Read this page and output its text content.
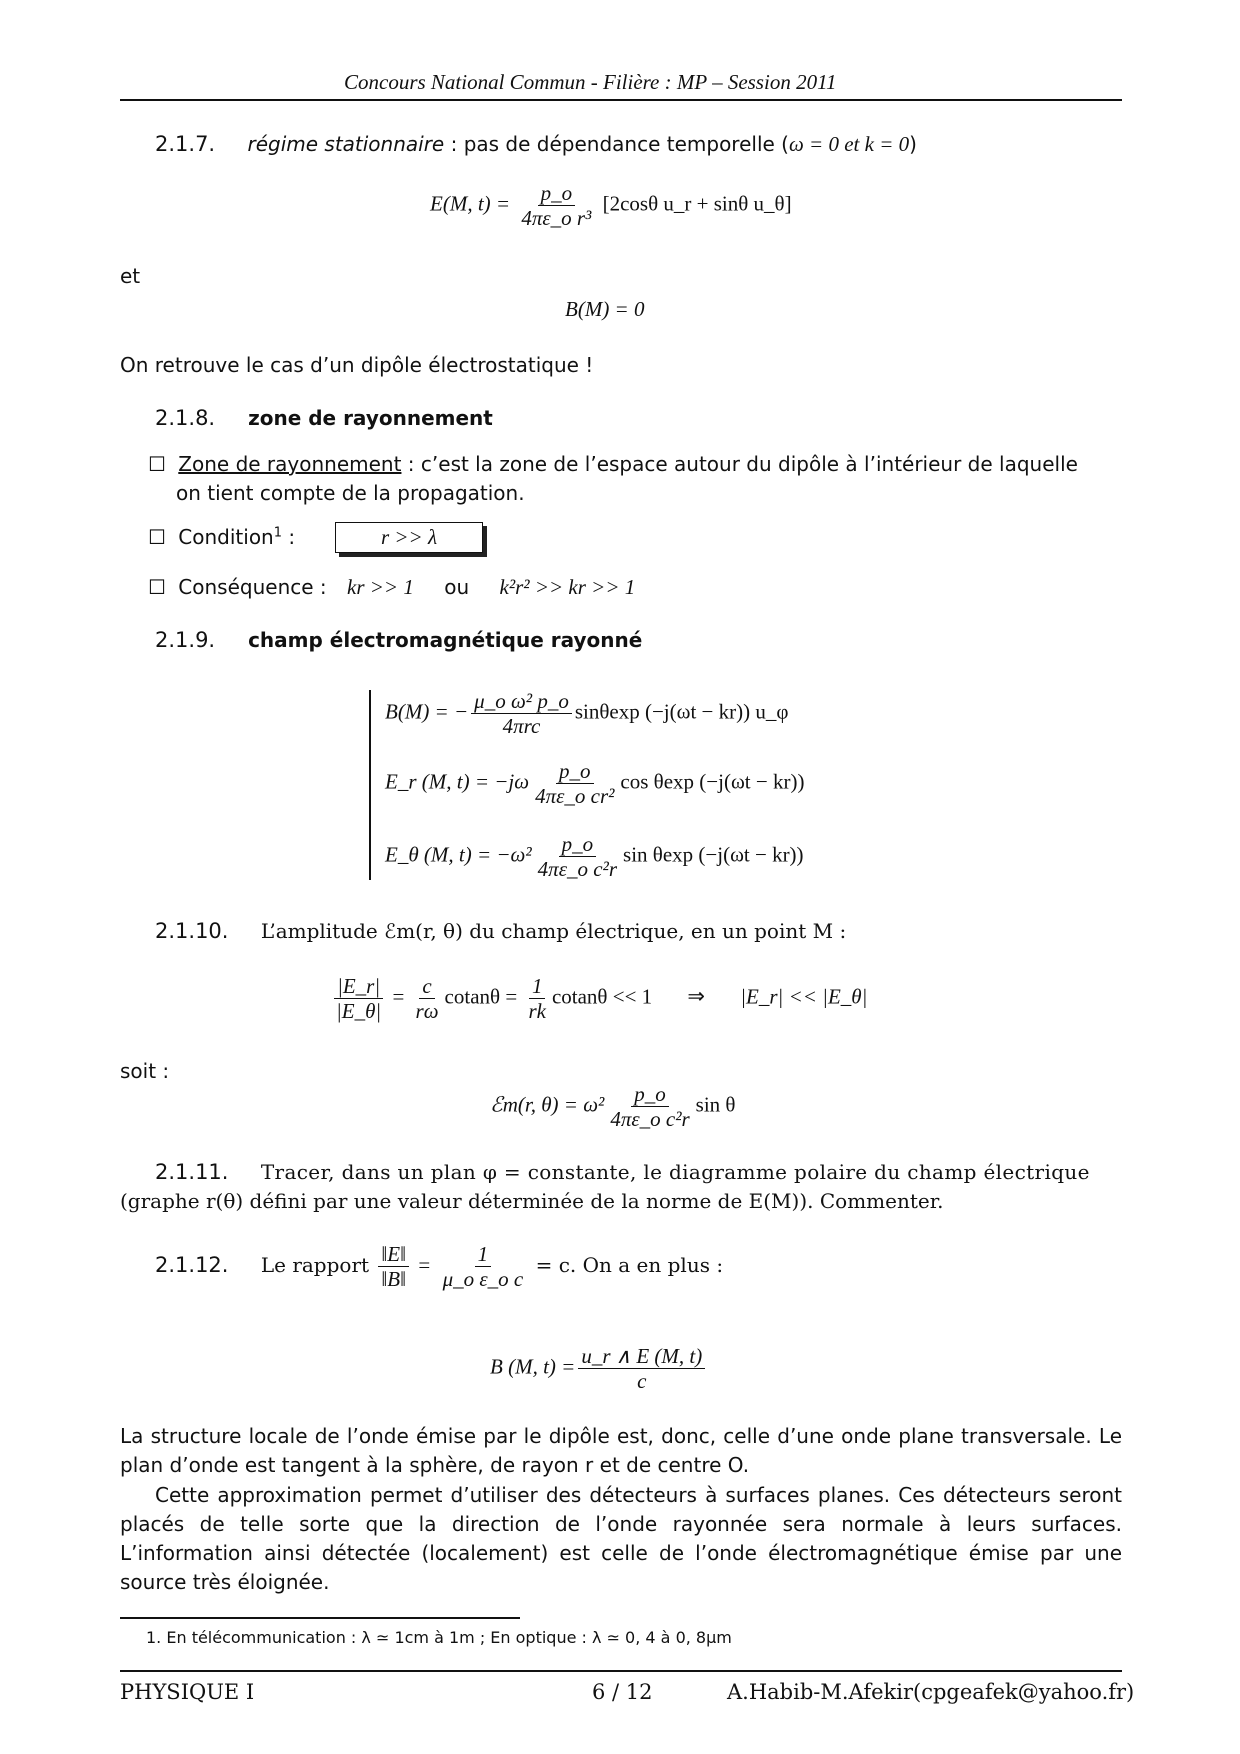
Concours National Commun - Filière : MP – Session 2011
2.1.7. régime stationnaire : pas de dépendance temporelle (ω = 0 et k = 0)
E(M, $t) = \frac{p\_o}{\text{4πε\_o r³}} [2\cos\theta$ u_r + sinθ u_θ]
et
B(M) = 0
On retrouve le cas d’un dipôle électrostatique !
2.1.8. zone de rayonnement
☐ Zone de rayonnement : c’est la zone de l’espace autour du dipôle à l’intérieur de laquelle
on tient compte de la propagation.
☐ Condition$^1$ :	r >> λ
☐ Conséquence : kr >> 1 ou k²r² >> kr >> 1
2.1.9. champ électromagnétique rayonné
B(M) = − $\frac{\text{μ\_o ω² p\_o}}{\text{4πrc}}$ sinθexp (−j(ωt − kr)) u_φ
E_r (M, $t) = -j\omega \frac{p\_o}{\text{4πε\_o cr²}}$ cos θexp (−j(ωt − kr))
E_θ (M, $t) = -\omega^2 \frac{p\_o}{\text{4πε\_o c²r}}$ sin θexp (−j(ωt − kr))
2.1.10. L’amplitude ℰm(r, θ) du champ électrique, en un point M :
$\frac{|E\_r|}{|E\_\theta|} = \frac{c}{r\omega}$ $cotan\theta = \frac{1}{rk}$ cotanθ << 1 ⇒ |E_r| << |E_θ|
soit :
ℰm(r, $\theta) = \omega^2 \frac{p\_o}{\text{4πε\_o c²r}}$ sin θ
2.1.11. Tracer, dans un plan φ = constante, le diagramme polaire du champ électrique
(graphe r(θ) défini par une valeur déterminée de la norme de E(M)). Commenter.
2.1.12. Le rapport $\frac{‖E‖}{‖B‖} = \frac{1}{\text{μ\_o ε\_o c}} = c$. On a en plus :
B (M, $t) = \frac{u\_r \wedge E (M, t)}{c}$
La structure locale de l’onde émise par le dipôle est, donc, celle d’une onde plane transversale. Le plan d’onde est tangent à la sphère, de rayon r et de centre O.
Cette approximation permet d’utiliser des détecteurs à surfaces planes. Ces détecteurs seront placés de telle sorte que la direction de l’onde rayonnée sera normale à leurs surfaces. L’information ainsi détectée (localement) est celle de l’onde électromagnétique émise par une source très éloignée.
1. En télécommunication : λ ≃ 1cm à 1m ; En optique : λ ≃ 0, 4 à 0, 8μm
PHYSIQUE I	6 / 12	A.Habib-M.Afekir(cpgeafek@yahoo.fr)
